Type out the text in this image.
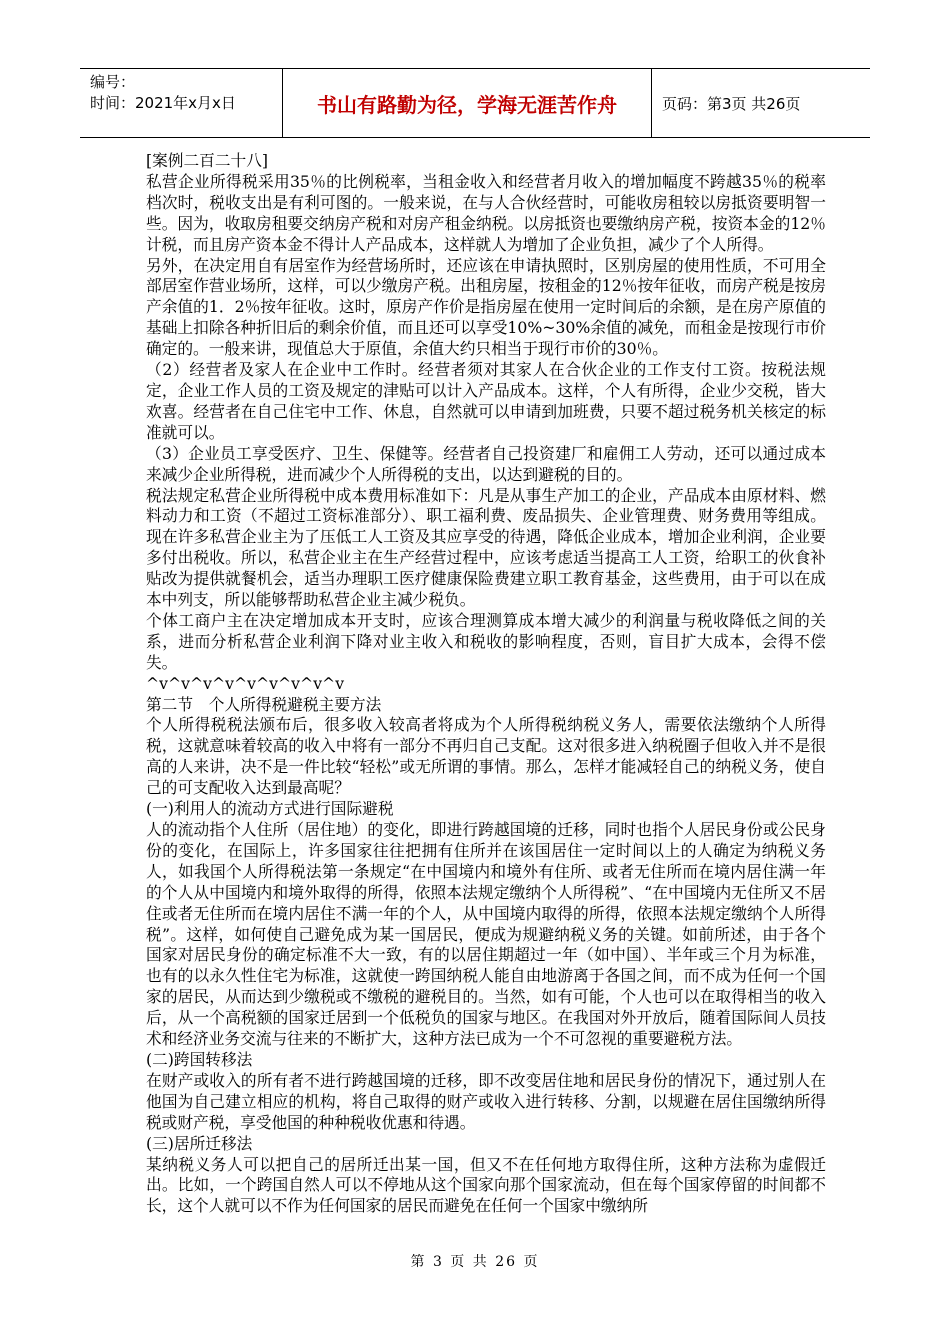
编号：
时间：2021年x月x日	书山有路勤为径，学海无涯苦作舟	页码：第3页 共26页

[案例二百二十八]

私营企业所得税采用35％的比例税率，当租金收入和经营者月收入的增加幅度不跨越35％的税率档次时，税收支出是有利可图的。一般来说，在与人合伙经营时，可能收房租较以房抵资要明智一些。因为，收取房租要交纳房产税和对房产租金纳税。以房抵资也要缴纳房产税，按资本金的12％计税，而且房产资本金不得计人产品成本，这样就人为增加了企业负担，减少了个人所得。

另外，在决定用自有居室作为经营场所时，还应该在申请执照时，区别房屋的使用性质，不可用全部居室作营业场所，这样，可以少缴房产税。出租房屋，按租金的12％按年征收，而房产税是按房产余值的1．2％按年征收。这时，原房产作价是指房屋在使用一定时间后的余额，是在房产原值的基础上扣除各种折旧后的剩余价值，而且还可以享受10%~30%余值的减免，而租金是按现行市价确定的。一般来讲，现值总大于原值，余值大约只相当于现行市价的30％。

（2）经营者及家人在企业中工作时。经营者须对其家人在合伙企业的工作支付工资。按税法规定，企业工作人员的工资及规定的津贴可以计入产品成本。这样，个人有所得，企业少交税，皆大欢喜。经营者在自己住宅中工作、休息，自然就可以申请到加班费，只要不超过税务机关核定的标准就可以。

（3）企业员工享受医疗、卫生、保健等。经营者自己投资建厂和雇佣工人劳动，还可以通过成本来减少企业所得税，进而减少个人所得税的支出，以达到避税的目的。

税法规定私营企业所得税中成本费用标准如下：凡是从事生产加工的企业，产品成本由原材料、燃料动力和工资（不超过工资标准部分）、职工福利费、废品损失、企业管理费、财务费用等组成。现在许多私营企业主为了压低工人工资及其应享受的待遇，降低企业成本，增加企业利润，企业要多付出税收。所以，私营企业主在生产经营过程中，应该考虑适当提高工人工资，给职工的伙食补贴改为提供就餐机会，适当办理职工医疗健康保险费建立职工教育基金，这些费用，由于可以在成本中列支，所以能够帮助私营企业主减少税负。

个体工商户主在决定增加成本开支时，应该合理测算成本增大减少的利润量与税收降低之间的关系，进而分析私营企业利润下降对业主收入和税收的影响程度，否则，盲目扩大成本，会得不偿失。

^v^v^v^v^v^v^v^v^v

第二节　个人所得税避税主要方法

个人所得税税法颁布后，很多收入较高者将成为个人所得税纳税义务人，需要依法缴纳个人所得税，这就意味着较高的收入中将有一部分不再归自己支配。这对很多进入纳税圈子但收入并不是很高的人来讲，决不是一件比较“轻松”或无所谓的事情。那么，怎样才能减轻自己的纳税义务，使自己的可支配收入达到最高呢？

(一)利用人的流动方式进行国际避税

人的流动指个人住所（居住地）的变化，即进行跨越国境的迁移，同时也指个人居民身份或公民身份的变化，在国际上，许多国家往往把拥有住所并在该国居住一定时间以上的人确定为纳税义务人，如我国个人所得税法第一条规定“在中国境内和境外有住所、或者无住所而在境内居住满一年的个人从中国境内和境外取得的所得，依照本法规定缴纳个人所得税”、“在中国境内无住所又不居住或者无住所而在境内居住不满一年的个人，从中国境内取得的所得，依照本法规定缴纳个人所得税”。这样，如何使自己避免成为某一国居民，便成为规避纳税义务的关键。如前所述，由于各个国家对居民身份的确定标准不大一致，有的以居住期超过一年（如中国）、半年或三个月为标准，也有的以永久性住宅为标准，这就使一跨国纳税人能自由地游离于各国之间，而不成为任何一个国家的居民，从而达到少缴税或不缴税的避税目的。当然，如有可能，个人也可以在取得相当的收入后，从一个高税额的国家迁居到一个低税负的国家与地区。在我国对外开放后，随着国际间人员技术和经济业务交流与往来的不断扩大，这种方法已成为一个不可忽视的重要避税方法。

(二)跨国转移法

在财产或收入的所有者不进行跨越国境的迁移，即不改变居住地和居民身份的情况下，通过别人在他国为自己建立相应的机构，将自己取得的财产或收入进行转移、分割，以规避在居住国缴纳所得税或财产税，享受他国的种种税收优惠和待遇。

(三)居所迁移法

某纳税义务人可以把自己的居所迁出某一国，但又不在任何地方取得住所，这种方法称为虚假迁出。比如，一个跨国自然人可以不停地从这个国家向那个国家流动，但在每个国家停留的时间都不长，这个人就可以不作为任何国家的居民而避免在任何一个国家中缴纳所

第 3 页 共 26 页
